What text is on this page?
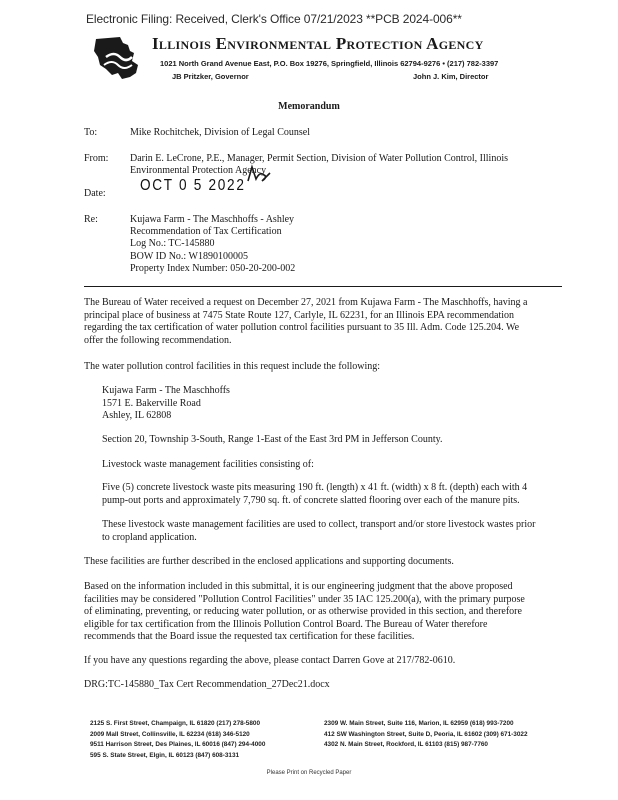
Electronic Filing: Received, Clerk's Office 07/21/2023 **PCB 2024-006**
Illinois Environmental Protection Agency
1021 North Grand Avenue East, P.O. Box 19276, Springfield, Illinois 62794-9276 • (217) 782-3397
JB Pritzker, Governor	John J. Kim, Director
Memorandum
To:	Mike Rochitchek, Division of Legal Counsel
From: Darin E. LeCrone, P.E., Manager, Permit Section, Division of Water Pollution Control, Illinois
Environmental Protection Agency
Date: OCT 0 5 2022
Re:	Kujawa Farm - The Maschhoffs - Ashley
Recommendation of Tax Certification
Log No.: TC-145880
BOW ID No.: W1890100005
Property Index Number: 050-20-200-002

The Bureau of Water received a request on December 27, 2021 from Kujawa Farm - The Maschhoffs, having a

principal place of business at 7475 State Route 127, Carlyle, IL 62231, for an Illinois EPA recommendation

regarding the tax certification of water pollution control facilities pursuant to 35 Ill. Adm. Code 125.204. We

offer the following recommendation.

The water pollution control facilities in this request include the following:

Kujawa Farm - The Maschhoffs

1571 E. Bakerville Road

Ashley, IL 62808

Section 20, Township 3-South, Range 1-East of the East 3rd PM in Jefferson County.

Livestock waste management facilities consisting of:

Five (5) concrete livestock waste pits measuring 190 ft. (length) x 41 ft. (width) x 8 ft. (depth) each with 4

pump-out ports and approximately 7,790 sq. ft. of concrete slatted flooring over each of the manure pits.

These livestock waste management facilities are used to collect, transport and/or store livestock wastes prior

to cropland application.

These facilities are further described in the enclosed applications and supporting documents.

Based on the information included in this submittal, it is our engineering judgment that the above proposed

facilities may be considered "Pollution Control Facilities" under 35 IAC 125.200(a), with the primary purpose

of eliminating, preventing, or reducing water pollution, or as otherwise provided in this section, and therefore

eligible for tax certification from the Illinois Pollution Control Board. The Bureau of Water therefore

recommends that the Board issue the requested tax certification for these facilities.

If you have any questions regarding the above, please contact Darren Gove at 217/782-0610.

DRG:TC-145880_Tax Cert Recommendation_27Dec21.docx

2125 S. First Street, Champaign, IL 61820 (217) 278-5800

2009 Mall Street, Collinsville, IL 62234 (618) 346-5120

9511 Harrison Street, Des Plaines, IL 60016 (847) 294-4000

595 S. State Street, Elgin, IL 60123 (847) 608-3131

2309 W. Main Street, Suite 116, Marion, IL 62959 (618) 993-7200

412 SW Washington Street, Suite D, Peoria, IL 61602 (309) 671-3022

4302 N. Main Street, Rockford, IL 61103 (815) 987-7760

Please Print on Recycled Paper
